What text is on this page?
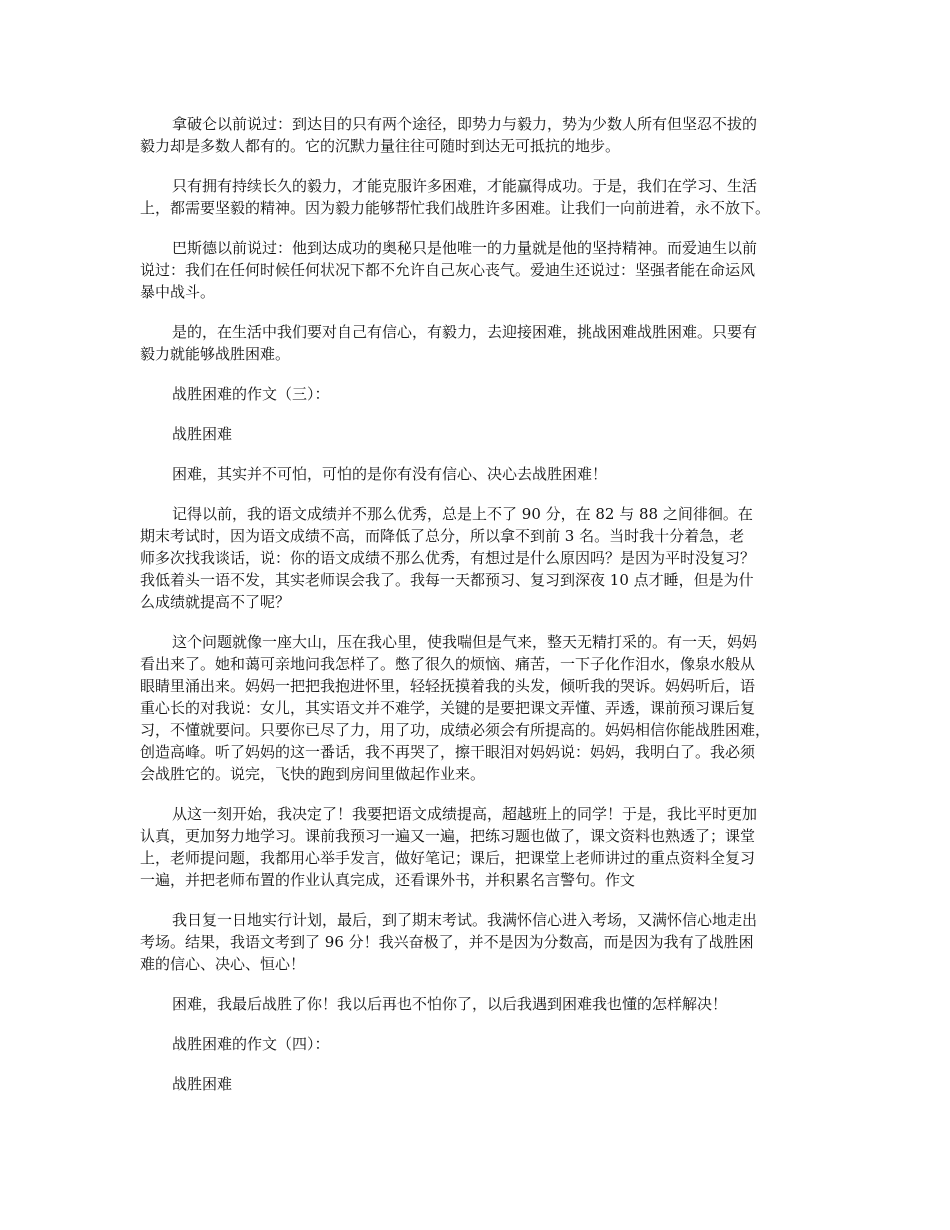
拿破仑以前说过：到达目的只有两个途径，即势力与毅力，势为少数人所有但坚忍不拔的
毅力却是多数人都有的。它的沉默力量往往可随时到达无可抵抗的地步。
只有拥有持续长久的毅力，才能克服许多困难，才能赢得成功。于是，我们在学习、生活
上，都需要坚毅的精神。因为毅力能够帮忙我们战胜许多困难。让我们一向前进着，永不放下。
巴斯德以前说过：他到达成功的奥秘只是他唯一的力量就是他的坚持精神。而爱迪生以前
说过：我们在任何时候任何状况下都不允许自己灰心丧气。爱迪生还说过：坚强者能在命运风
暴中战斗。
是的，在生活中我们要对自己有信心，有毅力，去迎接困难，挑战困难战胜困难。只要有
毅力就能够战胜困难。
战胜困难的作文（三）：
战胜困难
困难，其实并不可怕，可怕的是你有没有信心、决心去战胜困难！
记得以前，我的语文成绩并不那么优秀，总是上不了 90 分，在 82 与 88 之间徘徊。在
期末考试时，因为语文成绩不高，而降低了总分，所以拿不到前 3 名。当时我十分着急，老
师多次找我谈话，说：你的语文成绩不那么优秀，有想过是什么原因吗？是因为平时没复习？
我低着头一语不发，其实老师误会我了。我每一天都预习、复习到深夜 10 点才睡，但是为什
么成绩就提高不了呢？
这个问题就像一座大山，压在我心里，使我喘但是气来，整天无精打采的。有一天，妈妈
看出来了。她和蔼可亲地问我怎样了。憋了很久的烦恼、痛苦，一下子化作泪水，像泉水般从
眼睛里涌出来。妈妈一把把我抱进怀里，轻轻抚摸着我的头发，倾听我的哭诉。妈妈听后，语
重心长的对我说：女儿，其实语文并不难学，关键的是要把课文弄懂、弄透，课前预习课后复
习，不懂就要问。只要你已尽了力，用了功，成绩必须会有所提高的。妈妈相信你能战胜困难，
创造高峰。听了妈妈的这一番话，我不再哭了，擦干眼泪对妈妈说：妈妈，我明白了。我必须
会战胜它的。说完，飞快的跑到房间里做起作业来。
从这一刻开始，我决定了！我要把语文成绩提高，超越班上的同学！于是，我比平时更加
认真，更加努力地学习。课前我预习一遍又一遍，把练习题也做了，课文资料也熟透了；课堂
上，老师提问题，我都用心举手发言，做好笔记；课后，把课堂上老师讲过的重点资料全复习
一遍，并把老师布置的作业认真完成，还看课外书，并积累名言警句。作文
我日复一日地实行计划，最后，到了期末考试。我满怀信心进入考场，又满怀信心地走出
考场。结果，我语文考到了 96 分！我兴奋极了，并不是因为分数高，而是因为我有了战胜困
难的信心、决心、恒心！
困难，我最后战胜了你！我以后再也不怕你了，以后我遇到困难我也懂的怎样解决！
战胜困难的作文（四）：
战胜困难
